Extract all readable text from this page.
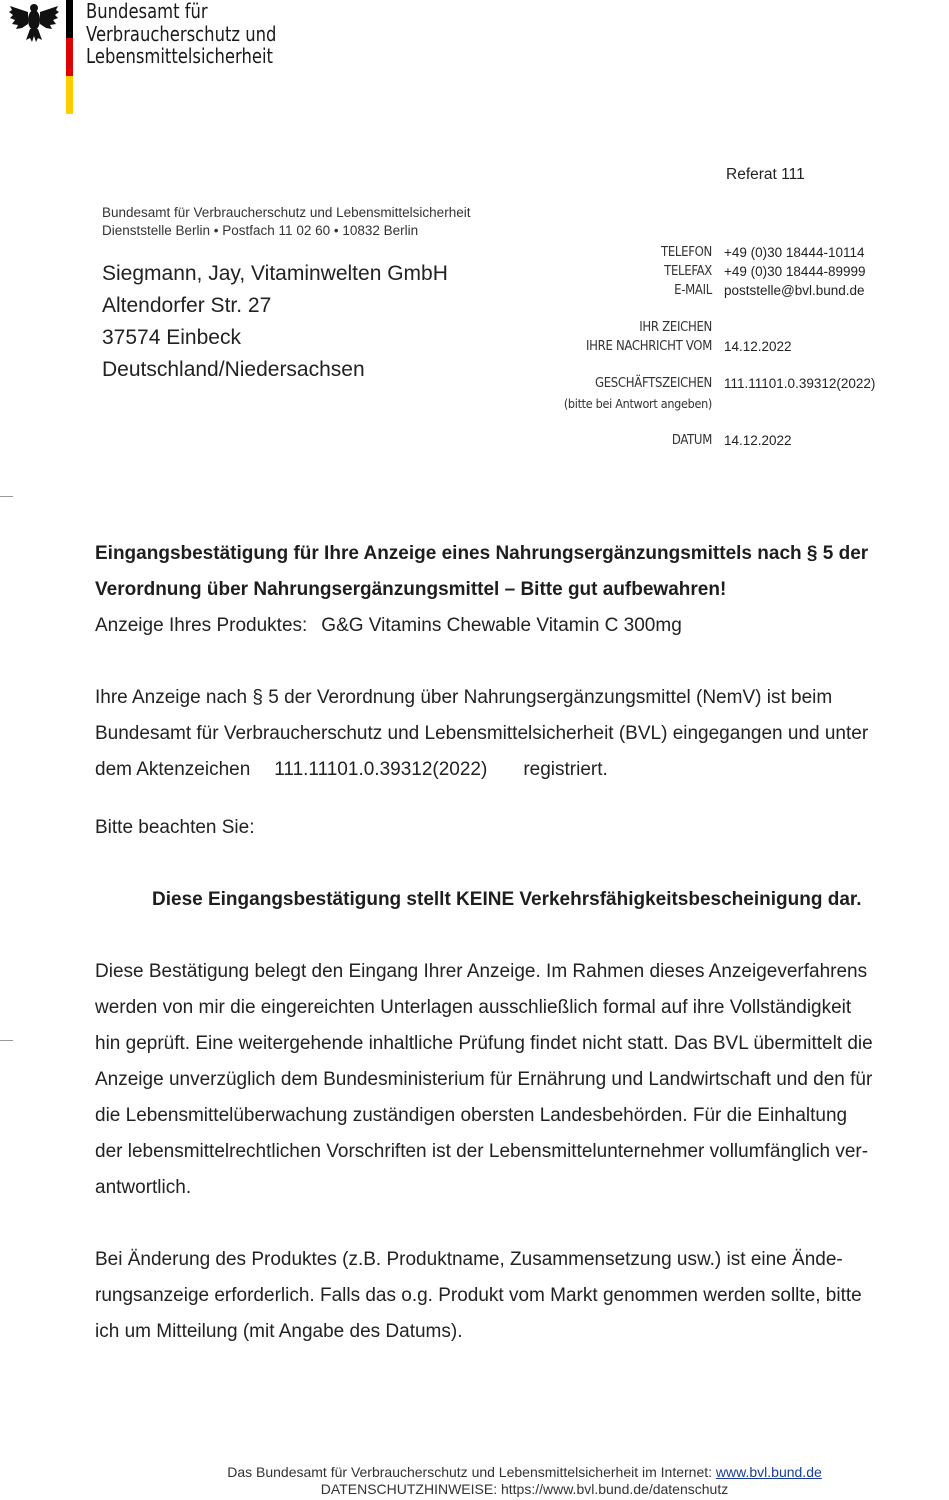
Bundesamt für
Verbraucherschutz und
Lebensmittelsicherheit
Referat 111
Bundesamt für Verbraucherschutz und Lebensmittelsicherheit
Dienststelle Berlin • Postfach 11 02 60 • 10832 Berlin
Siegmann, Jay, Vitaminwelten GmbH
Altendorfer Str. 27
37574 Einbeck
Deutschland/Niedersachsen
TELEFON +49 (0)30 18444-10114
TELEFAX +49 (0)30 18444-89999
E-MAIL poststelle@bvl.bund.de
IHR ZEICHEN
IHRE NACHRICHT VOM 14.12.2022
GESCHÄFTSZEICHEN 111.11101.0.39312(2022)
(bitte bei Antwort angeben)
DATUM 14.12.2022
Eingangsbestätigung für Ihre Anzeige eines Nahrungsergänzungsmittels nach § 5 der
Verordnung über Nahrungsergänzungsmittel – Bitte gut aufbewahren!
Anzeige Ihres Produktes: G&G Vitamins Chewable Vitamin C 300mg
Ihre Anzeige nach § 5 der Verordnung über Nahrungsergänzungsmittel (NemV) ist beim
Bundesamt für Verbraucherschutz und Lebensmittelsicherheit (BVL) eingegangen und unter
dem Aktenzeichen 111.11101.0.39312(2022) registriert.
Bitte beachten Sie:
Diese Eingangsbestätigung stellt KEINE Verkehrsfähigkeitsbescheinigung dar.
Diese Bestätigung belegt den Eingang Ihrer Anzeige. Im Rahmen dieses Anzeigeverfahrens
werden von mir die eingereichten Unterlagen ausschließlich formal auf ihre Vollständigkeit
hin geprüft. Eine weitergehende inhaltliche Prüfung findet nicht statt. Das BVL übermittelt die
Anzeige unverzüglich dem Bundesministerium für Ernährung und Landwirtschaft und den für
die Lebensmittelüberwachung zuständigen obersten Landesbehörden. Für die Einhaltung
der lebensmittelrechtlichen Vorschriften ist der Lebensmittelunternehmer vollumfänglich ver-
antwortlich.
Bei Änderung des Produktes (z.B. Produktname, Zusammensetzung usw.) ist eine Ände-
rungsanzeige erforderlich. Falls das o.g. Produkt vom Markt genommen werden sollte, bitte
ich um Mitteilung (mit Angabe des Datums).
Das Bundesamt für Verbraucherschutz und Lebensmittelsicherheit im Internet: www.bvl.bund.de
DATENSCHUTZHINWEISE: https://www.bvl.bund.de/datenschutz
